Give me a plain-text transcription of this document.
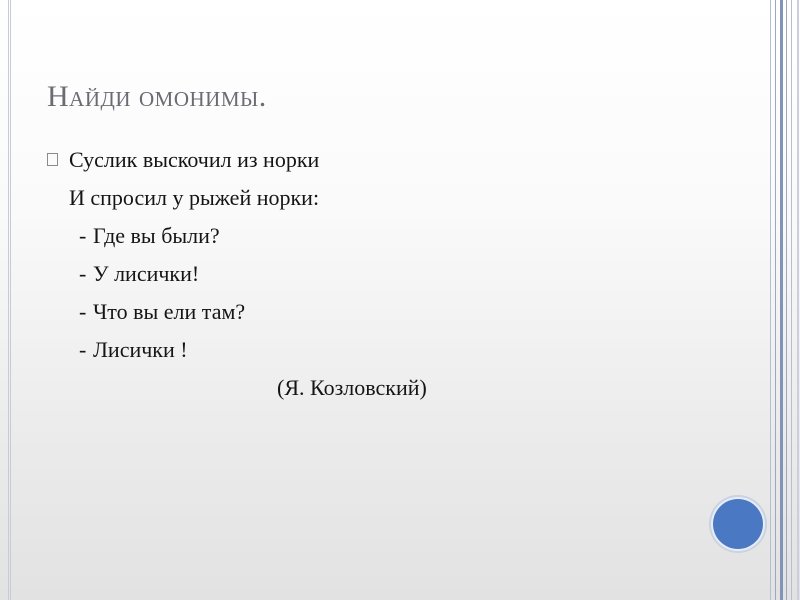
Найди омонимы.
Суслик выскочил из норки
И спросил у рыжей норки:
- Где вы были?
- У лисички!
- Что вы ели там?
- Лисички !
(Я. Козловский)
